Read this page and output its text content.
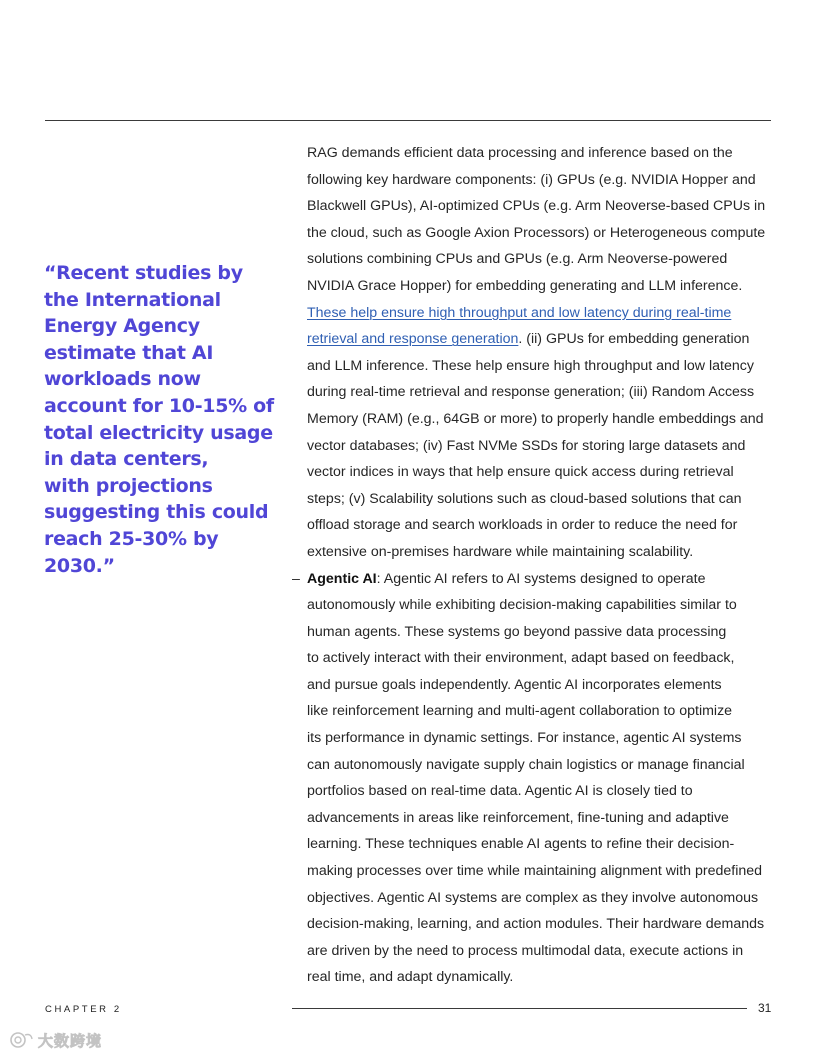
“Recent studies by
the International
Energy Agency
estimate that AI
workloads now
account for 10-15% of
total electricity usage
in data centers,
with projections
suggesting this could
reach 25-30% by
2030.”
RAG demands efficient data processing and inference based on the
following key hardware components: (i) GPUs (e.g. NVIDIA Hopper and
Blackwell GPUs), AI-optimized CPUs (e.g. Arm Neoverse-based CPUs in
the cloud, such as Google Axion Processors) or Heterogeneous compute
solutions combining CPUs and GPUs (e.g. Arm Neoverse-powered
NVIDIA Grace Hopper) for embedding generating and LLM inference.
These help ensure high throughput and low latency during real-time
retrieval and response generation. (ii) GPUs for embedding generation
and LLM inference. These help ensure high throughput and low latency
during real-time retrieval and response generation; (iii) Random Access
Memory (RAM) (e.g., 64GB or more) to properly handle embeddings and
vector databases; (iv) Fast NVMe SSDs for storing large datasets and
vector indices in ways that help ensure quick access during retrieval
steps; (v) Scalability solutions such as cloud-based solutions that can
offload storage and search workloads in order to reduce the need for
extensive on-premises hardware while maintaining scalability.
– Agentic AI: Agentic AI refers to AI systems designed to operate
autonomously while exhibiting decision-making capabilities similar to
human agents. These systems go beyond passive data processing
to actively interact with their environment, adapt based on feedback,
and pursue goals independently. Agentic AI incorporates elements
like reinforcement learning and multi-agent collaboration to optimize
its performance in dynamic settings. For instance, agentic AI systems
can autonomously navigate supply chain logistics or manage financial
portfolios based on real-time data. Agentic AI is closely tied to
advancements in areas like reinforcement, fine-tuning and adaptive
learning. These techniques enable AI agents to refine their decision-
making processes over time while maintaining alignment with predefined
objectives. Agentic AI systems are complex as they involve autonomous
decision-making, learning, and action modules. Their hardware demands
are driven by the need to process multimodal data, execute actions in
real time, and adapt dynamically.
CHAPTER 2	31
大数跨境
